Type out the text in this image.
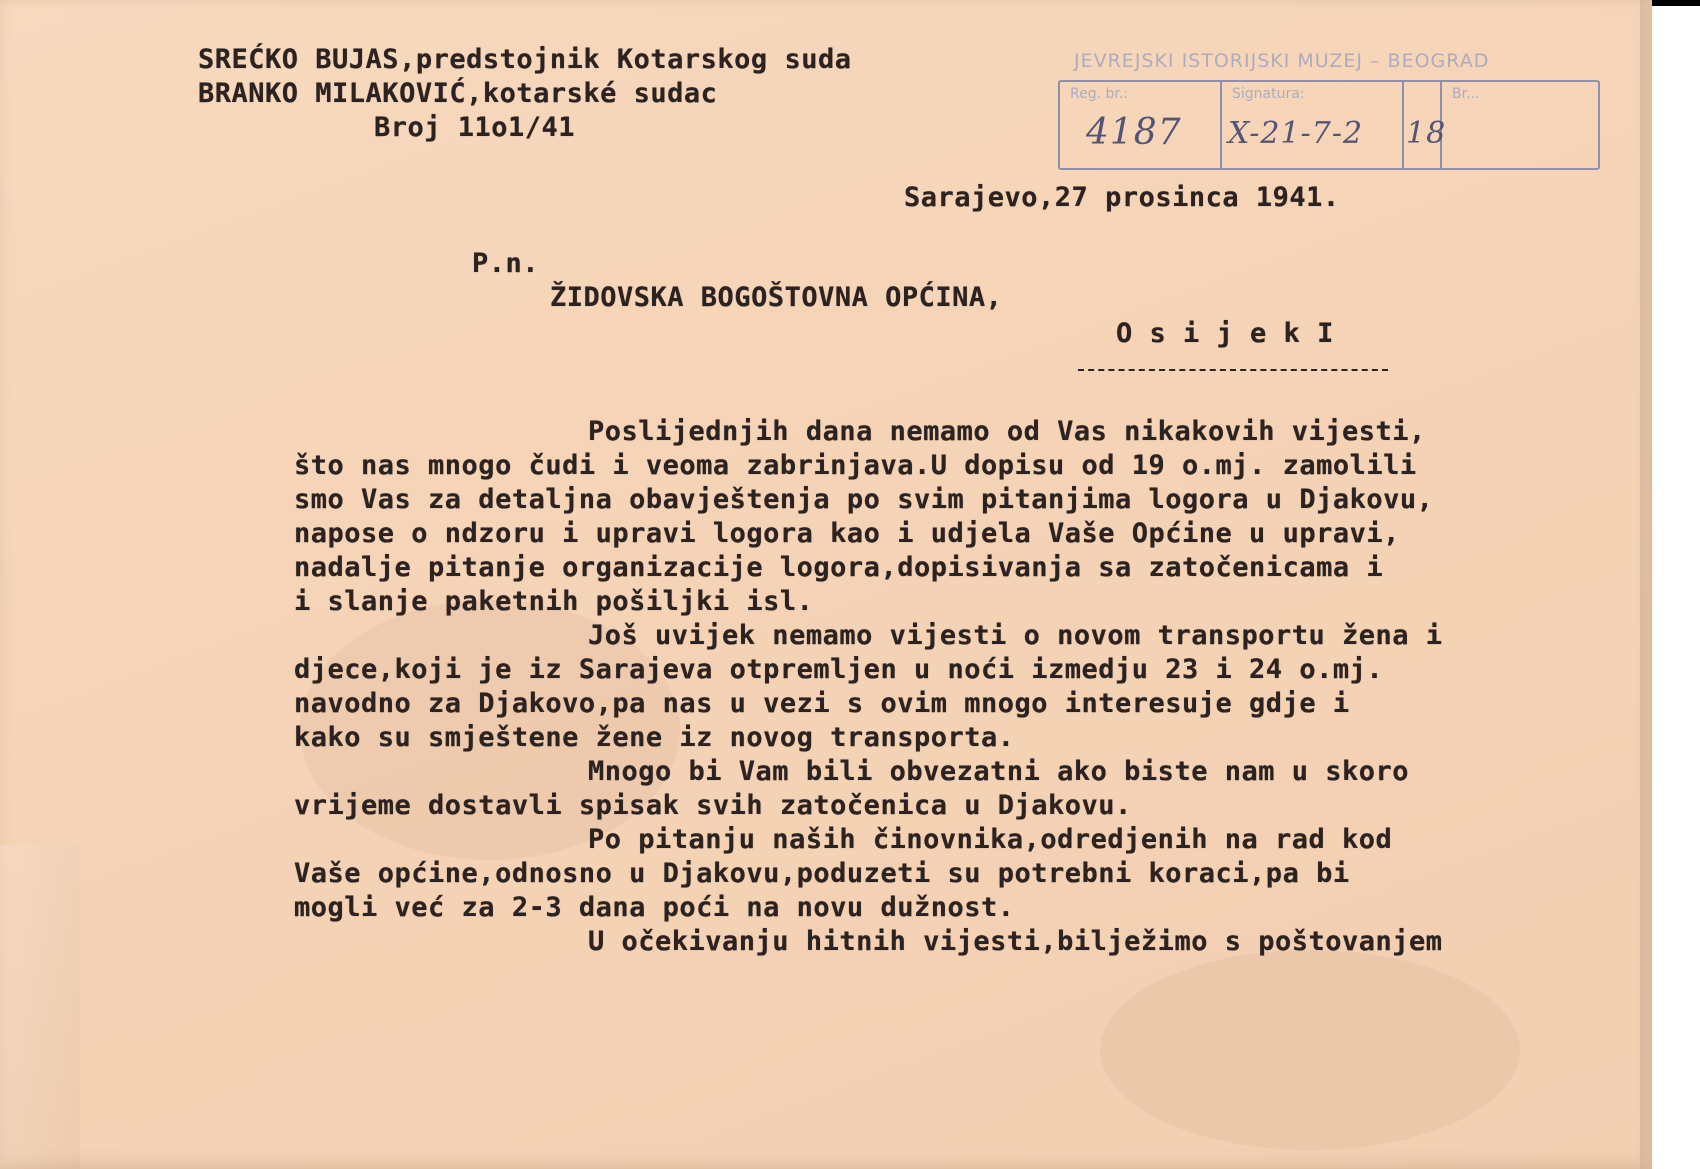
SREĆKO BUJAS,predstojnik Kotarskog suda
BRANKO MILAKOVIĆ,kotarské sudac
Broj 11o1/41
JEVREJSKI ISTORIJSKI MUZEJ – BEOGRAD
Reg. br.:
4187
Signatura:
X-21-7-2 18
Br...
Sarajevo,27 prosinca 1941.
P.n.
ŽIDOVSKA BOGOŠTOVNA OPĆINA,
O s i j e k I
Poslijednjih dana nemamo od Vas nikakovih vijesti,
što nas mnogo čudi i veoma zabrinjava.U dopisu od 19 o.mj. zamolili
smo Vas za detaljna obavještenja po svim pitanjima logora u Djakovu,
napose o ndzoru i upravi logora kao i udjela Vaše Općine u upravi,
nadalje pitanje organizacije logora,dopisivanja sa zatočenicama i
i slanje paketnih pošiljki isl.
Još uvijek nemamo vijesti o novom transportu žena i
djece,koji je iz Sarajeva otpremljen u noći izmedju 23 i 24 o.mj.
navodno za Djakovo,pa nas u vezi s ovim mnogo interesuje gdje i
kako su smještene žene iz novog transporta.
Mnogo bi Vam bili obvezatni ako biste nam u skoro
vrijeme dostavli spisak svih zatočenica u Djakovu.
Po pitanju naših činovnika,odredjenih na rad kod
Vaše općine,odnosno u Djakovu,poduzeti su potrebni koraci,pa bi
mogli već za 2-3 dana poći na novu dužnost.
U očekivanju hitnih vijesti,bilježimo s poštovanjem
